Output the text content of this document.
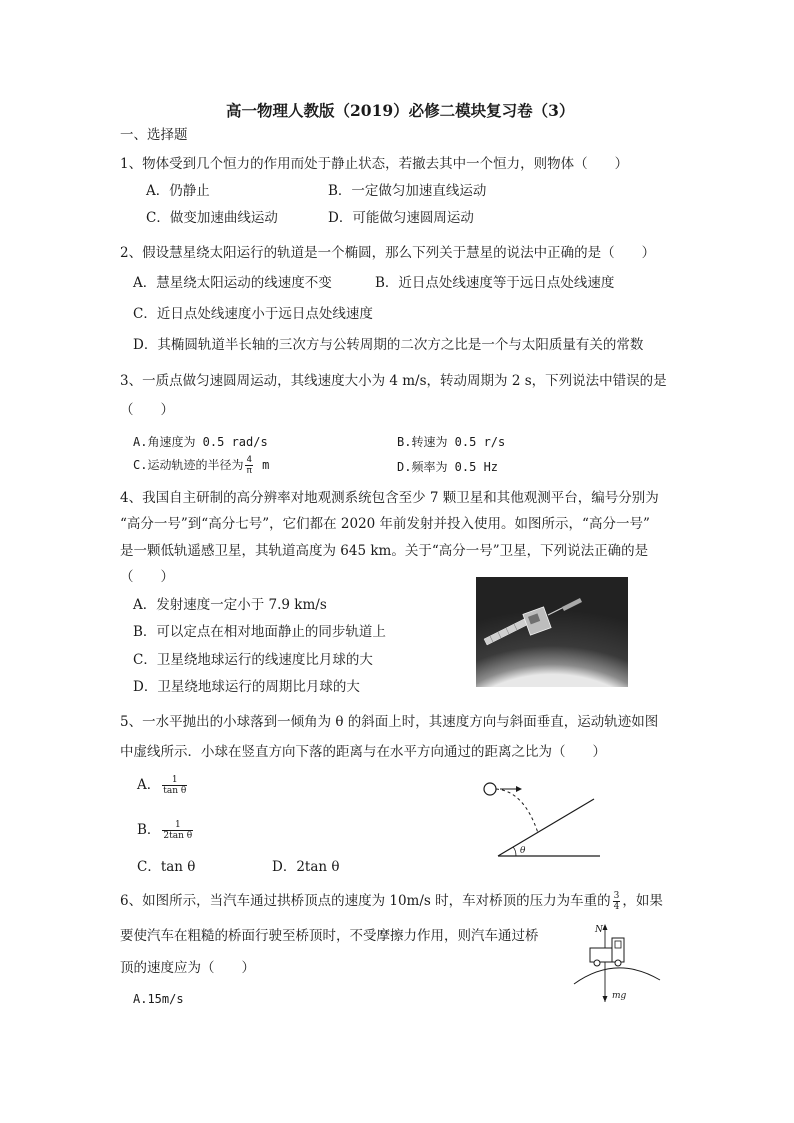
高一物理人教版（2019）必修二模块复习卷（3）
一、选择题
1、物体受到几个恒力的作用而处于静止状态，若撤去其中一个恒力，则物体（　　）
A．仍静止	B．一定做匀加速直线运动
C．做变加速曲线运动	D．可能做匀速圆周运动
2、假设慧星绕太阳运行的轨道是一个椭圆，那么下列关于慧星的说法中正确的是（　　）
A．慧星绕太阳运动的线速度不变	B．近日点处线速度等于远日点处线速度
C．近日点处线速度小于远日点处线速度
D．其椭圆轨道半长轴的三次方与公转周期的二次方之比是一个与太阳质量有关的常数
3、一质点做匀速圆周运动，其线速度大小为 4 m/s，转动周期为 2 s，下列说法中错误的是
（　　）
A.角速度为 0.5 rad/s	B.转速为 0.5 r/s
C.运动轨迹的半径为 $\frac{4}{\pi}$ m	D.频率为 0.5 Hz
4、我国自主研制的高分辨率对地观测系统包含至少 7 颗卫星和其他观测平台，编号分别为
“高分一号”到“高分七号”，它们都在 2020 年前发射并投入使用。如图所示，“高分一号”
是一颗低轨遥感卫星，其轨道高度为 645 km。关于“高分一号”卫星，下列说法正确的是
（　　）
A．发射速度一定小于 7.9 km/s
B．可以定点在相对地面静止的同步轨道上
C．卫星绕地球运行的线速度比月球的大
D．卫星绕地球运行的周期比月球的大
5、一水平抛出的小球落到一倾角为 θ 的斜面上时，其速度方向与斜面垂直，运动轨迹如图
中虚线所示．小球在竖直方向下落的距离与在水平方向通过的距离之比为（　　）
A． $\frac{1}{\text{tan θ}}$
B． $\frac{1}{\text{2tan θ}}$
C．tan θ	D．2tan θ
θ
6、如图所示，当汽车通过拱桥顶点的速度为 10m/s 时，车对桥顶的压力为车重的 $\frac{3}{4}$ ，如果
要使汽车在粗糙的桥面行驶至桥顶时，不受摩擦力作用，则汽车通过桥
顶的速度应为（　　）
A.15m/s
N
mg
